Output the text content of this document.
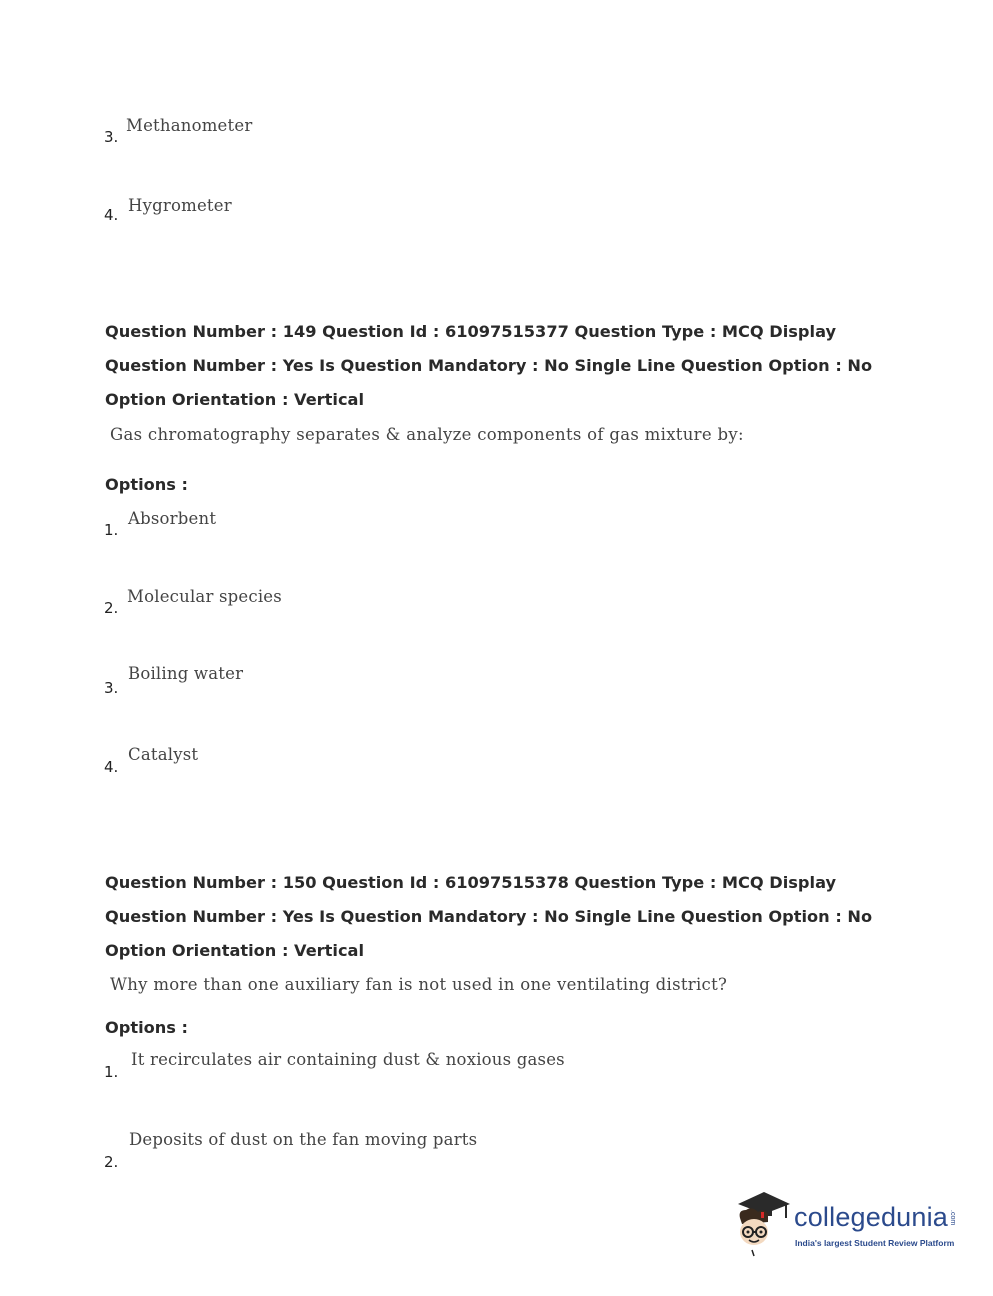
3.
Methanometer
4. Hygrometer
Question Number : 149 Question Id : 61097515377 Question Type : MCQ Display Question Number : Yes Is Question Mandatory : No Single Line Question Option : No Option Orientation : Vertical
Gas chromatography separates & analyze components of gas mixture by:
Options :
1.
Absorbent
2.
Molecular species
3.
Boiling water
4.
Catalyst
Question Number : 150 Question Id : 61097515378 Question Type : MCQ Display Question Number : Yes Is Question Mandatory : No Single Line Question Option : No Option Orientation : Vertical
Why more than one auxiliary fan is not used in one ventilating district?
Options :
1.
It recirculates air containing dust & noxious gases
2.
Deposits of dust on the fan moving parts
collegedunia .com
India's largest Student Review Platform
